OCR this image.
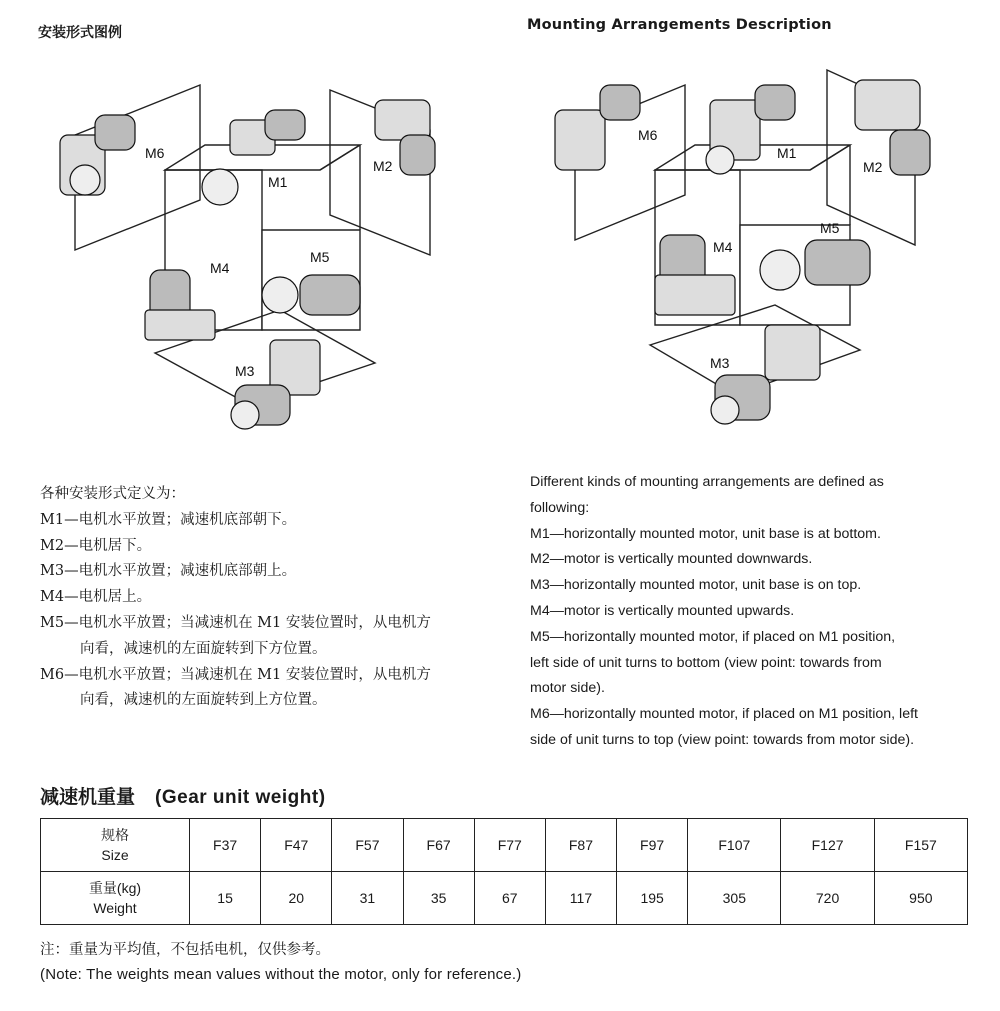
安装形式图例	Mounting Arrangements Description
M6
M1
M2
M4
M5
M3
M6
M1
M2
M4
M5
M3

各种安装形式定义为：

M1—电机水平放置；减速机底部朝下。

M2—电机居下。

M3—电机水平放置；减速机底部朝上。

M4—电机居上。

M5—电机水平放置；当减速机在 M1 安装位置时，从电机方

向看，减速机的左面旋转到下方位置。

M6—电机水平放置；当减速机在 M1 安装位置时，从电机方

向看，减速机的左面旋转到上方位置。

Different kinds of mounting arrangements are defined as

following:

M1—horizontally mounted motor, unit base is at bottom.

M2—motor is vertically mounted downwards.

M3—horizontally mounted motor, unit base is on top.

M4—motor is vertically mounted upwards.

M5—horizontally mounted motor, if placed on M1 position,

left side of unit turns to bottom (view point: towards from

motor side).

M6—horizontally mounted motor, if placed on M1 position, left

side of unit turns to top (view point: towards from motor side).

减速机重量 (Gear unit weight)
规格
Size	F37	F47	F57	F67	F77	F87	F97	F107	F127	F157

重量(kg)
Weight	15	20	31	35	67	117	195	305	720	950
注：重量为平均值，不包括电机，仅供参考。
(Note: The weights mean values without the motor, only for reference.)
